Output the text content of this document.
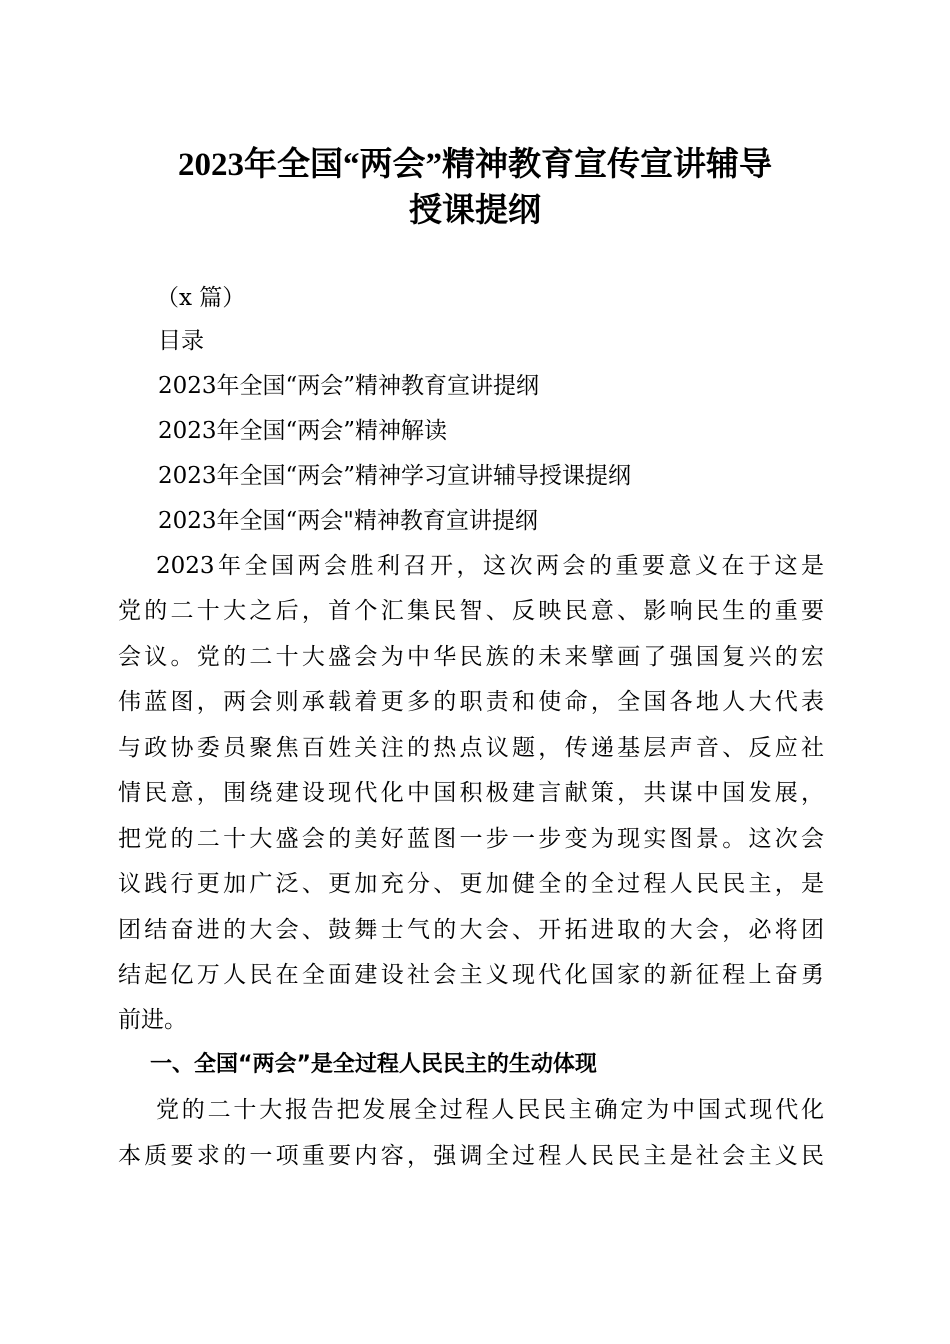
2023年全国“两会”精神教育宣传宣讲辅导
授课提纲
（x 篇）
目录
2023年全国“两会”精神教育宣讲提纲
2023年全国“两会”精神解读
2023年全国“两会”精神学习宣讲辅导授课提纲
2023年全国“两会"精神教育宣讲提纲
2023年全国两会胜利召开，这次两会的重要意义在于这是
党的二十大之后，首个汇集民智、反映民意、影响民生的重要
会议。党的二十大盛会为中华民族的未来擘画了强国复兴的宏
伟蓝图，两会则承载着更多的职责和使命，全国各地人大代表
与政协委员聚焦百姓关注的热点议题，传递基层声音、反应社
情民意，围绕建设现代化中国积极建言献策，共谋中国发展，
把党的二十大盛会的美好蓝图一步一步变为现实图景。这次会
议践行更加广泛、更加充分、更加健全的全过程人民民主，是
团结奋进的大会、鼓舞士气的大会、开拓进取的大会，必将团
结起亿万人民在全面建设社会主义现代化国家的新征程上奋勇
前进。
一、全国“两会”是全过程人民民主的生动体现
党的二十大报告把发展全过程人民民主确定为中国式现代化
本质要求的一项重要内容，强调全过程人民民主是社会主义民
